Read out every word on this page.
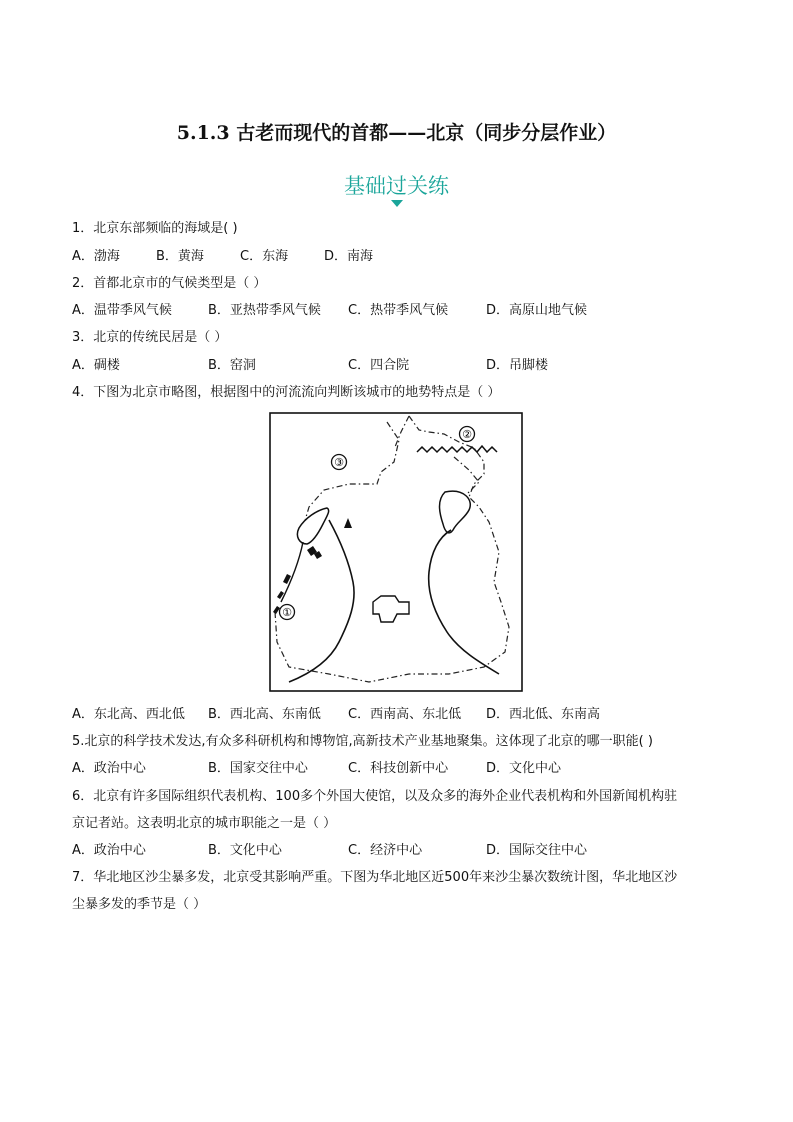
5.1.3 古老而现代的首都——北京（同步分层作业）
基础过关练
1．北京东部频临的海域是( )
A．渤海	B．黄海	C．东海	D．南海
2．首都北京市的气候类型是（ ）
A．温带季风气候	B．亚热带季风气候 C．热带季风气候	D．高原山地气候
3．北京的传统民居是（ ）
A．碉楼	B．窑洞	C．四合院	D．吊脚楼
4．下图为北京市略图，根据图中的河流流向判断该城市的地势特点是（ ）
②
③
①
A．东北高、西北低 B．西北高、东南低 C．西南高、东北低 D．西北低、东南高
5.北京的科学技术发达,有众多科研机构和博物馆,高新技术产业基地聚集。这体现了北京的哪一职能( )
A．政治中心	B．国家交往中心	C．科技创新中心	D．文化中心
6．北京有许多国际组织代表机构、100多个外国大使馆，以及众多的海外企业代表机构和外国新闻机构驻
京记者站。这表明北京的城市职能之一是（ ）
A．政治中心	B．文化中心	C．经济中心	D．国际交往中心
7．华北地区沙尘暴多发，北京受其影响严重。下图为华北地区近500年来沙尘暴次数统计图，华北地区沙
尘暴多发的季节是（ ）
